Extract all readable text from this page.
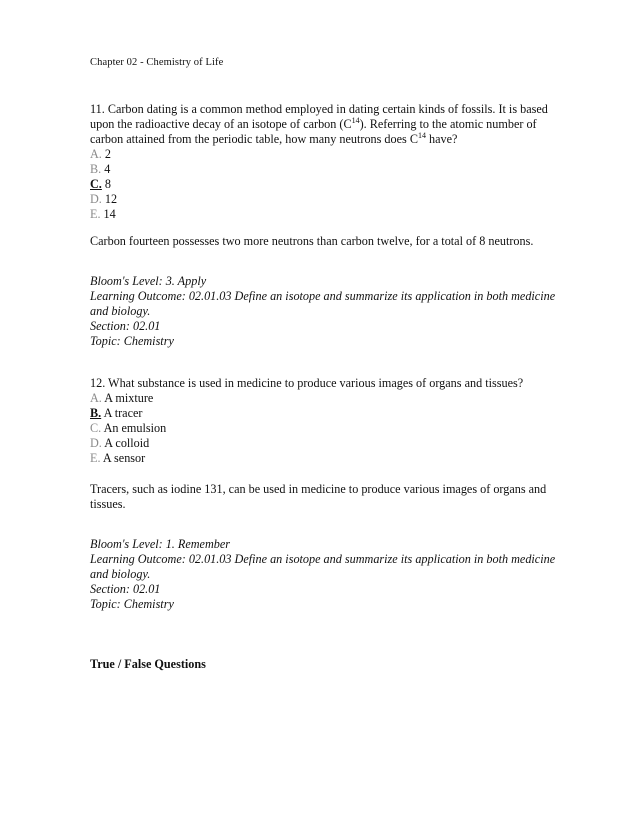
Chapter 02 - Chemistry of Life

11. Carbon dating is a common method employed in dating certain kinds of fossils. It is based upon the radioactive decay of an isotope of carbon $(C^{14})$. Referring to the atomic number of carbon attained from the periodic table, how many neutrons does $C^{14}$ have?

A. 2

B. 4

C. 8

D. 12

E. 14

Carbon fourteen possesses two more neutrons than carbon twelve, for a total of 8 neutrons.

Bloom's Level: 3. Apply

Learning Outcome: 02.01.03 Define an isotope and summarize its application in both medicine and biology.

Section: 02.01

Topic: Chemistry

12. What substance is used in medicine to produce various images of organs and tissues?

A. A mixture

B. A tracer

C. An emulsion

D. A colloid

E. A sensor

Tracers, such as iodine 131, can be used in medicine to produce various images of organs and tissues.

Bloom's Level: 1. Remember

Learning Outcome: 02.01.03 Define an isotope and summarize its application in both medicine and biology.

Section: 02.01

Topic: Chemistry

True / False Questions
